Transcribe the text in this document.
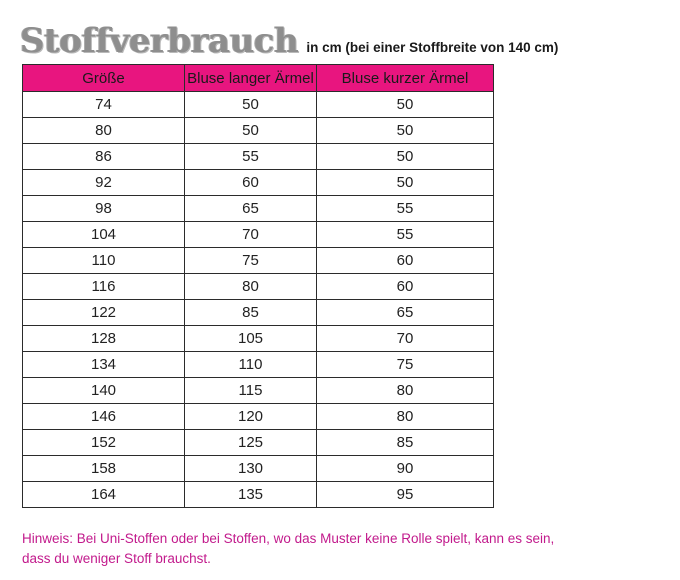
Stoffverbrauch in cm (bei einer Stoffbreite von 140 cm)
Größe	Bluse langer Ärmel	Bluse kurzer Ärmel
74	50	50
80	50	50
86	55	50
92	60	50
98	65	55
104	70	55
110	75	60
116	80	60
122	85	65
128	105	70
134	110	75
140	115	80
146	120	80
152	125	85
158	130	90
164	135	95
Hinweis: Bei Uni-Stoffen oder bei Stoffen, wo das Muster keine Rolle spielt, kann es sein,
dass du weniger Stoff brauchst.
